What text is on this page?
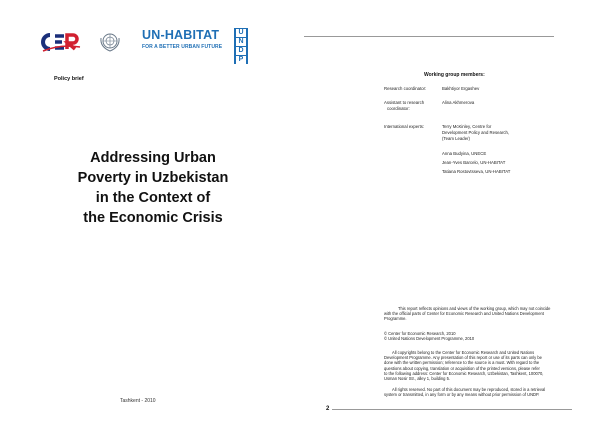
UN-HABITAT
FOR A BETTER URBAN FUTURE
U
N
D
P
Policy brief
Addressing Urban
Poverty in Uzbekistan
in the Context of
the Economic Crisis
Tashkent - 2010
Working group members:
Research coordinator:	Bakhtiyor Ergashev
Assistant to research
coordinator:
Alina Akhmerova
International experts:	Terry McKinley, Centre for
Development Policy and Research,
(Team Leader)

Anna Budyina, UNECE

Jean-Yves Barcelo, UN-HABITAT

Tatiana Rostovtsseva, UN-HABITAT

This report reflects opinions and views of the working group, which may not coincide

with the official parts of Center for Economic Research and United Nations Development

Programme.

© Center for Economic Research, 2010

© United Nations Development Programme, 2010

All copyrights belong to the Center for Economic Research and United Nations

Development Programme. Any presentation of this report or use of its parts can only be

done with the written permission; reference to the source is a must. With regard to the

questions about copying, translation or acquisition of the printed versions, please refer

to the following address: Center for Economic Research, Uzbekistan, Tashkent, 100070,

Usman Nosir Str., alley 1, building 5.

All rights reserved. No part of this document may be reproduced, stored in a retrieval

system or transmitted, in any form or by any means without prior permission of UNDP.

2
